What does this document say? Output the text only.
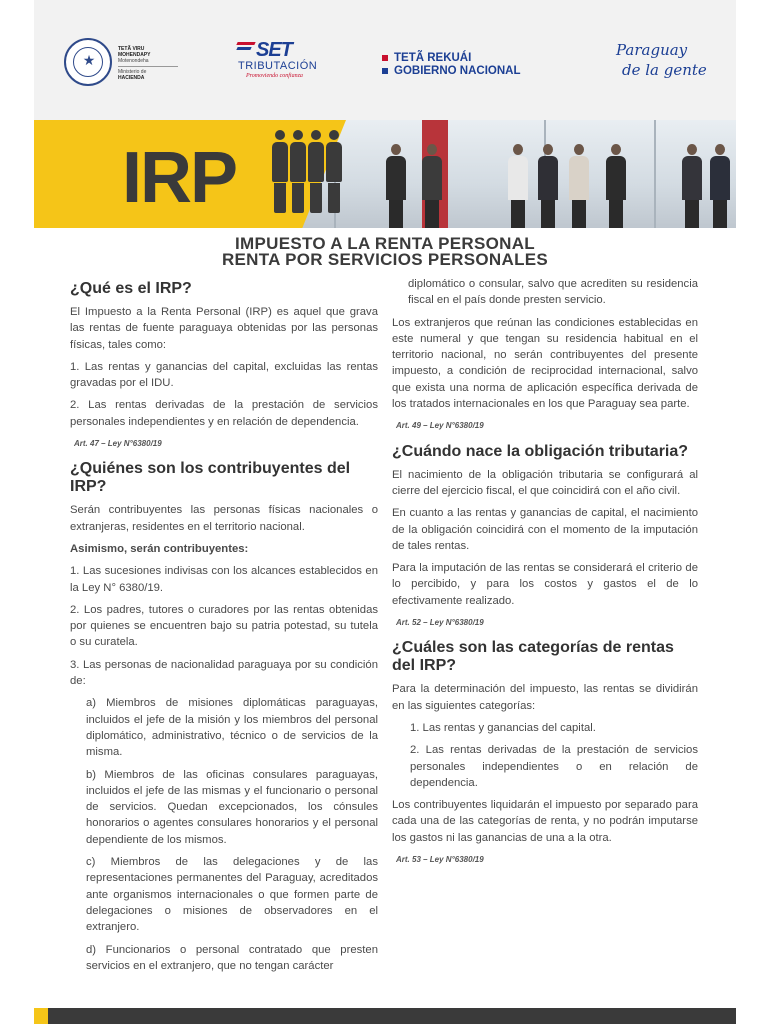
★
TETÃ VIRU MOHENDAPY
Motenondeha
Ministerio de
HACIENDA
SET
TRIBUTACIÓN
Promoviendo confianza
TETÃ REKUÁI
GOBIERNO NACIONAL
Paraguay
de la gente
IRP
IMPUESTO A LA RENTA PERSONAL
RENTA POR SERVICIOS PERSONALES
¿Qué es el IRP?

El Impuesto a la Renta Personal (IRP) es aquel que grava las rentas de fuente paraguaya obtenidas por las personas físicas, tales como:

1. Las rentas y ganancias del capital, excluidas las rentas gravadas por el IDU.

2. Las rentas derivadas de la prestación de servicios personales independientes y en relación de dependencia.

Art. 47 – Ley N°6380/19
¿Quiénes son los contribuyentes del IRP?

Serán contribuyentes las personas físicas nacionales o extranjeras, residentes en el territorio nacional.

Asimismo, serán contribuyentes:

1. Las sucesiones indivisas con los alcances establecidos en la Ley N° 6380/19.

2. Los padres, tutores o curadores por las rentas obtenidas por quienes se encuentren bajo su patria potestad, su tutela o su curatela.

3. Las personas de nacionalidad paraguaya por su condición de:

a) Miembros de misiones diplomáticas paraguayas, incluidos el jefe de la misión y los miembros del personal diplomático, administrativo, técnico o de servicios de la misma.

b) Miembros de las oficinas consulares paraguayas, incluidos el jefe de las mismas y el funcionario o personal de servicios. Quedan excepcionados, los cónsules honorarios o agentes consulares honorarios y el personal dependiente de los mismos.

c) Miembros de las delegaciones y de las representaciones permanentes del Paraguay, acreditados ante organismos internacionales o que formen parte de delegaciones o misiones de observadores en el extranjero.

d) Funcionarios o personal contratado que presten servicios en el extranjero, que no tengan carácter

diplomático o consular, salvo que acrediten su residencia fiscal en el país donde presten servicio.

Los extranjeros que reúnan las condiciones establecidas en este numeral y que tengan su residencia habitual en el territorio nacional, no serán contribuyentes del presente impuesto, a condición de reciprocidad internacional, salvo que exista una norma de aplicación específica derivada de los tratados internacionales en los que Paraguay sea parte.

Art. 49 – Ley N°6380/19
¿Cuándo nace la obligación tributaria?

El nacimiento de la obligación tributaria se configurará al cierre del ejercicio fiscal, el que coincidirá con el año civil.

En cuanto a las rentas y ganancias de capital, el nacimiento de la obligación coincidirá con el momento de la imputación de tales rentas.

Para la imputación de las rentas se considerará el criterio de lo percibido, y para los costos y gastos el de lo efectivamente realizado.

Art. 52 – Ley N°6380/19
¿Cuáles son las categorías de rentas del IRP?

Para la determinación del impuesto, las rentas se dividirán en las siguientes categorías:

1. Las rentas y ganancias del capital.

2. Las rentas derivadas de la prestación de servicios personales independientes o en relación de dependencia.

Los contribuyentes liquidarán el impuesto por separado para cada una de las categorías de renta, y no podrán imputarse los gastos ni las ganancias de una a la otra.

Art. 53 – Ley N°6380/19
